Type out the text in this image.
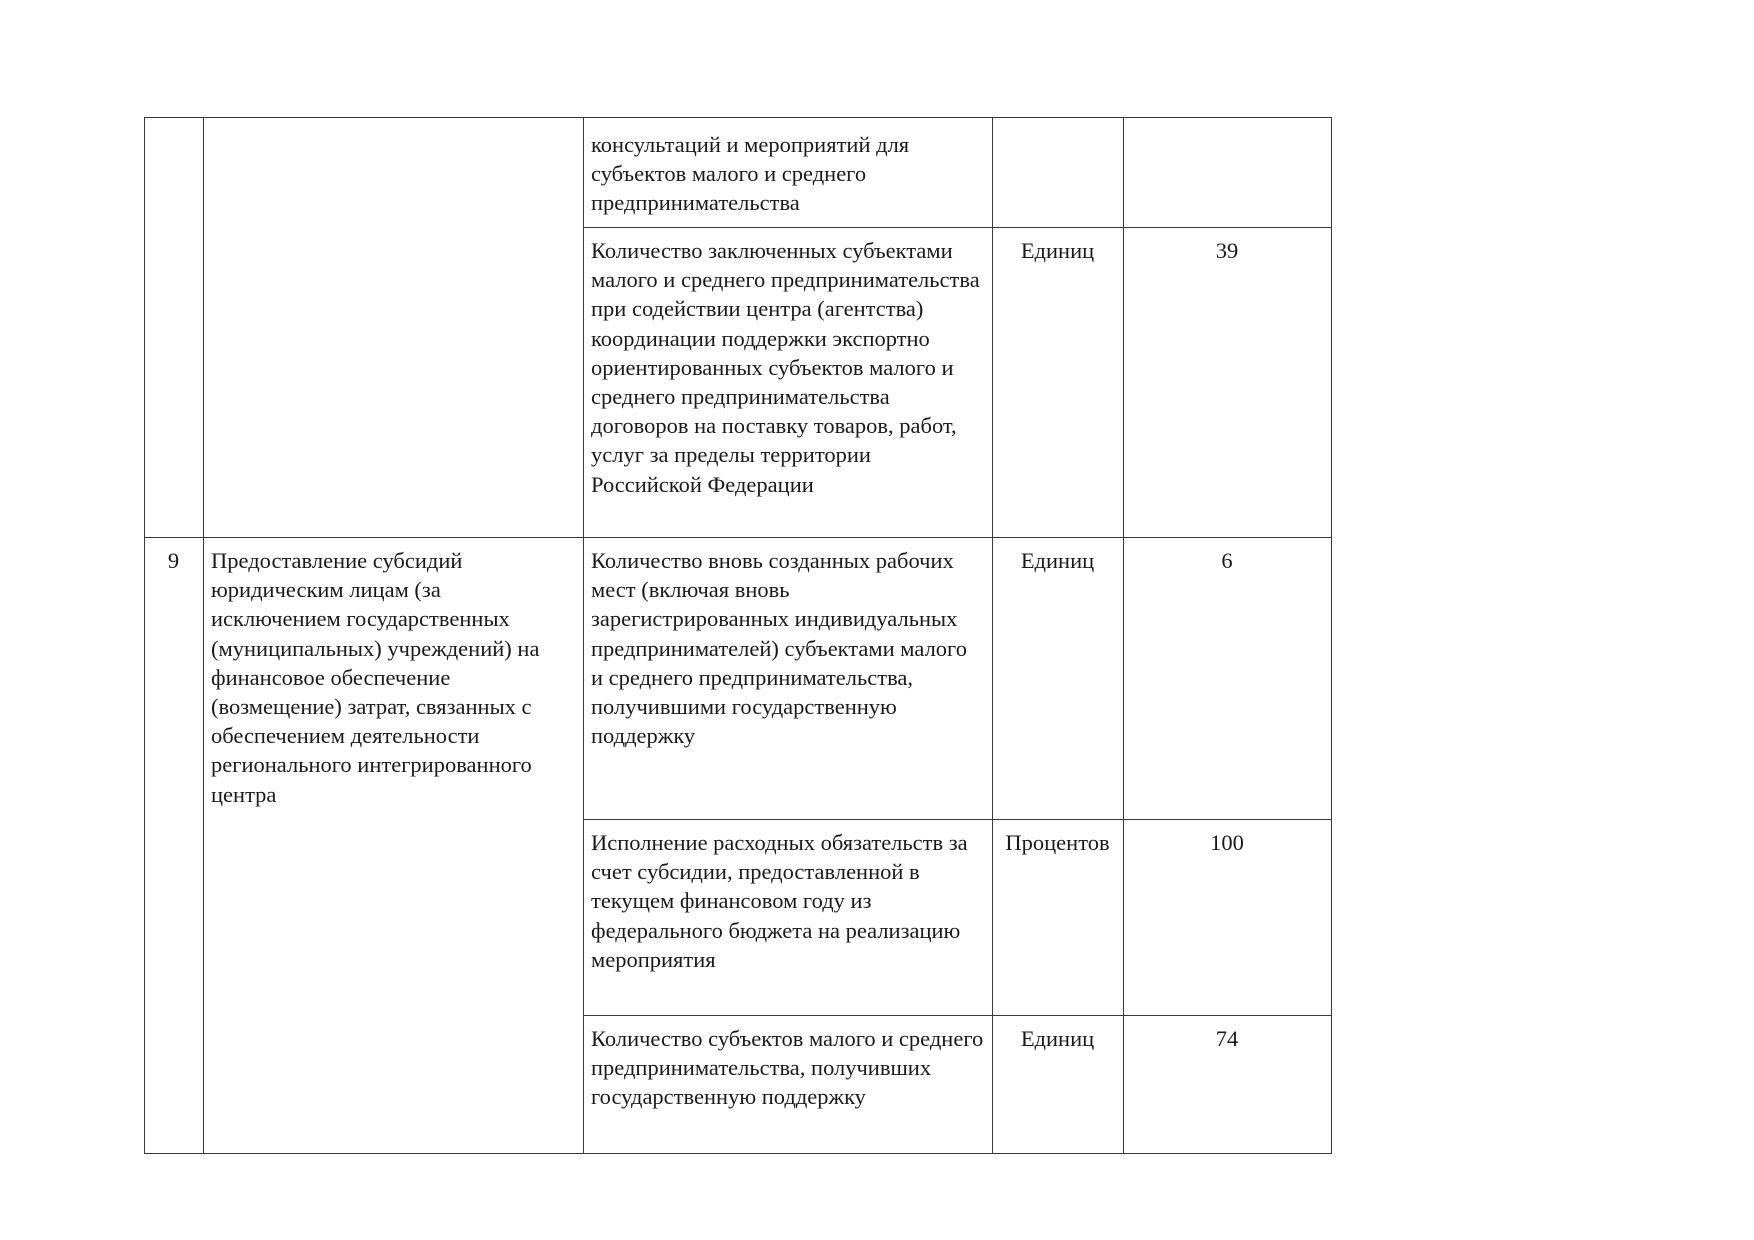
		консультаций и мероприятий для субъектов малого и среднего предпринимательства		

		Количество заключенных субъектами малого и среднего предпринимательства при содействии центра (агентства) координации поддержки экспортно ориентированных субъектов малого и среднего предпринимательства договоров на поставку товаров, работ, услуг за пределы территории Российской Федерации	Единиц	39

9	Предоставление субсидий юридическим лицам (за исключением государственных (муниципальных) учреждений) на финансовое обеспечение (возмещение) затрат, связанных с обеспечением деятельности регионального интегрированного центра	Количество вновь созданных рабочих мест (включая вновь зарегистрированных индивидуальных предпринимателей) субъектами малого и среднего предпринимательства, получившими государственную поддержку	Единиц	6

		Исполнение расходных обязательств за счет субсидии, предоставленной в текущем финансовом году из федерального бюджета на реализацию мероприятия	Процентов	100

		Количество субъектов малого и среднего предпринимательства, получивших государственную поддержку	Единиц	74
